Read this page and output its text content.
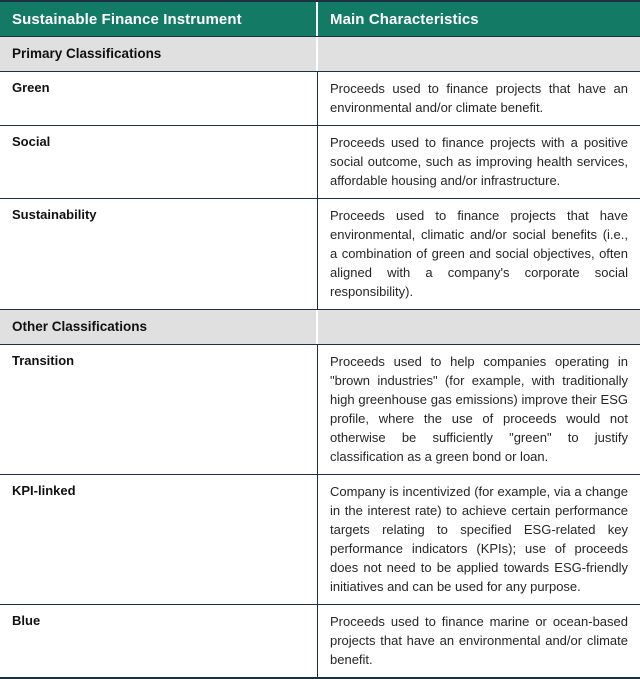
Sustainable Finance Instrument	Main Characteristics
Primary Classifications
Green	Proceeds used to finance projects that have an environmental and/or climate benefit.
Social	Proceeds used to finance projects with a positive social outcome, such as improving health services, affordable housing and/or infrastructure.
Sustainability	Proceeds used to finance projects that have environmental, climatic and/or social benefits (i.e., a combination of green and social objectives, often aligned with a company's corporate social responsibility).
Other Classifications
Transition	Proceeds used to help companies operating in "brown industries" (for example, with traditionally high greenhouse gas emissions) improve their ESG profile, where the use of proceeds would not otherwise be sufficiently "green" to justify classification as a green bond or loan.
KPI-linked	Company is incentivized (for example, via a change in the interest rate) to achieve certain performance targets relating to specified ESG-related key performance indicators (KPIs); use of proceeds does not need to be applied towards ESG-friendly initiatives and can be used for any purpose.
Blue	Proceeds used to finance marine or ocean-based projects that have an environmental and/or climate benefit.
